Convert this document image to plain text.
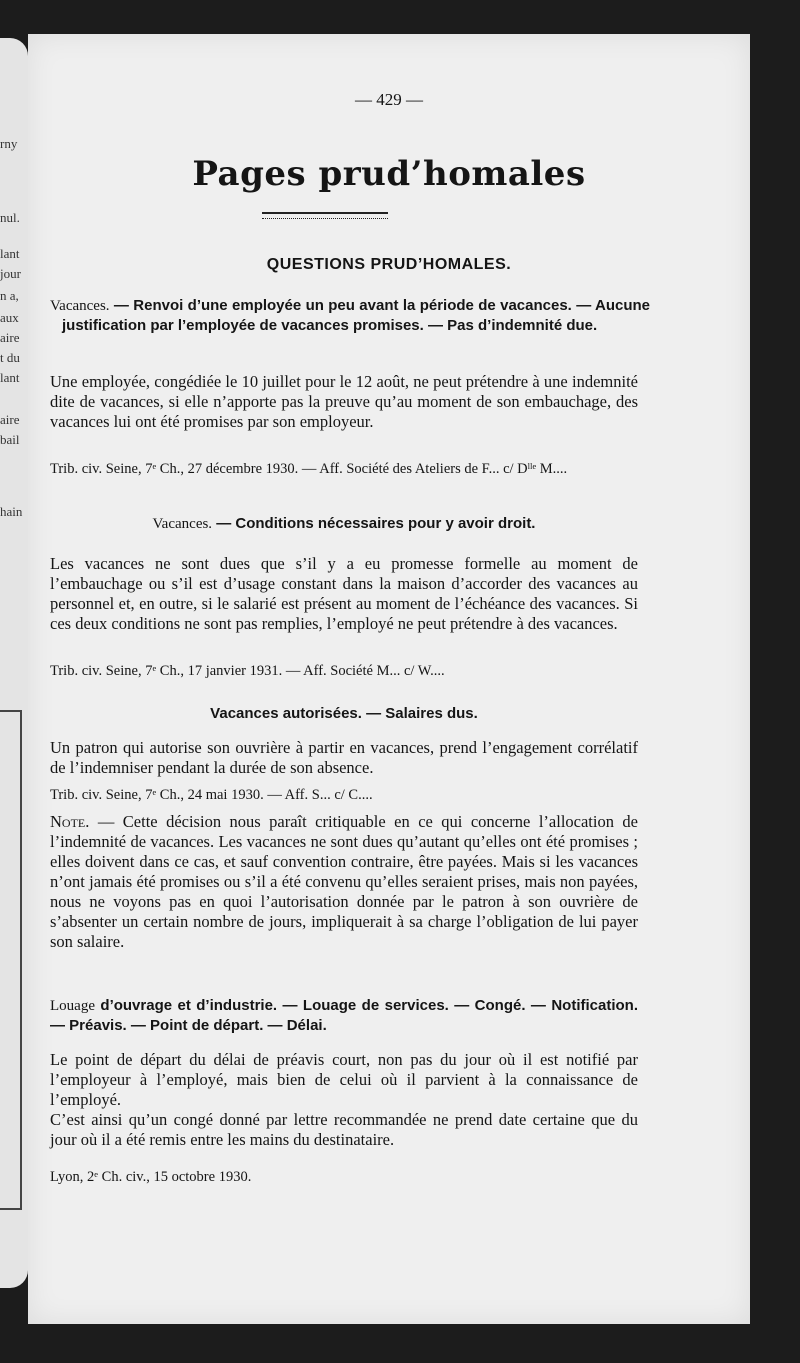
rny
nul.
lant
jour
n a,
aux
aire
t du
lant
aire
bail
hain
— 429 —
Pages prud’homales
QUESTIONS PRUD’HOMALES.
Vacances. — Renvoi d’une employée un peu avant la période de vacances. — Aucune justification par l’employée de vacances promises. — Pas d’indemnité due.

Une employée, congédiée le 10 juillet pour le 12 août, ne peut prétendre à une indemnité dite de vacances, si elle n’apporte pas la preuve qu’au moment de son embauchage, des vacances lui ont été promises par son employeur.

Trib. civ. Seine, 7ᵉ Ch., 27 décembre 1930. — Aff. Société des Ateliers de F... c/ Dˡˡᵉ M....
Vacances. — Conditions nécessaires pour y avoir droit.

Les vacances ne sont dues que s’il y a eu promesse formelle au moment de l’embauchage ou s’il est d’usage constant dans la maison d’accorder des vacances au personnel et, en outre, si le salarié est présent au moment de l’échéance des vacances. Si ces deux conditions ne sont pas remplies, l’employé ne peut prétendre à des vacances.

Trib. civ. Seine, 7ᵉ Ch., 17 janvier 1931. — Aff. Société M... c/ W....
Vacances autorisées. — Salaires dus.

Un patron qui autorise son ouvrière à partir en vacances, prend l’engagement corrélatif de l’indemniser pendant la durée de son absence.

Trib. civ. Seine, 7ᵉ Ch., 24 mai 1930. — Aff. S... c/ C....

Note. — Cette décision nous paraît critiquable en ce qui concerne l’allocation de l’indemnité de vacances. Les vacances ne sont dues qu’autant qu’elles ont été promises ; elles doivent dans ce cas, et sauf convention contraire, être payées. Mais si les vacances n’ont jamais été promises ou s’il a été convenu qu’elles seraient prises, mais non payées, nous ne voyons pas en quoi l’autorisation donnée par le patron à son ouvrière de s’absenter un certain nombre de jours, impliquerait à sa charge l’obligation de lui payer son salaire.

Louage d’ouvrage et d’industrie. — Louage de services. — Congé. — Notification. — Préavis. — Point de départ. — Délai.

Le point de départ du délai de préavis court, non pas du jour où il est notifié par l’employeur à l’employé, mais bien de celui où il parvient à la connaissance de l’employé.

C’est ainsi qu’un congé donné par lettre recommandée ne prend date certaine que du jour où il a été remis entre les mains du destinataire.

Lyon, 2ᵉ Ch. civ., 15 octobre 1930.
